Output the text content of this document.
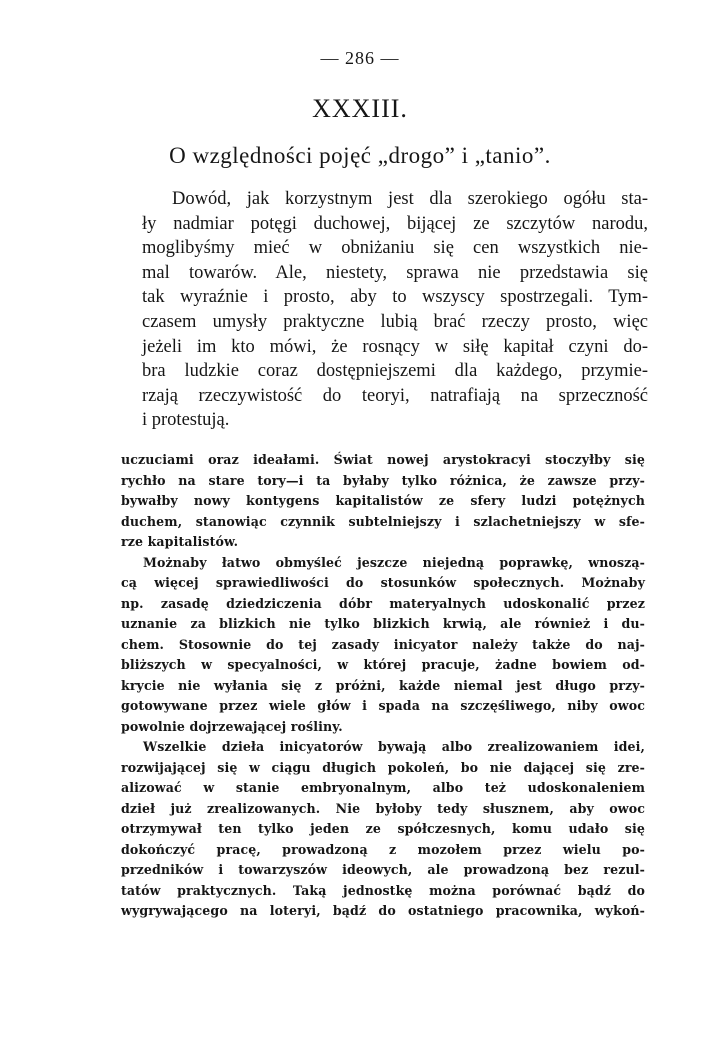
— 286 —
XXXIII.
O względności pojęć „drogo” i „tanio”.
Dowód, jak korzystnym jest dla szerokiego ogółu sta-
ły nadmiar potęgi duchowej, bijącej ze szczytów narodu,
moglibyśmy mieć w obniżaniu się cen wszystkich nie-
mal towarów. Ale, niestety, sprawa nie przedstawia się
tak wyraźnie i prosto, aby to wszyscy spostrzegali. Tym-
czasem umysły praktyczne lubią brać rzeczy prosto, więc
jeżeli im kto mówi, że rosnący w siłę kapitał czyni do-
bra ludzkie coraz dostępniejszemi dla każdego, przymie-
rzają rzeczywistość do teoryi, natrafiają na sprzeczność
i protestują.
uczuciami oraz ideałami. Świat nowej arystokracyi stoczyłby się
rychło na stare tory—i ta byłaby tylko różnica, że zawsze przy-
bywałby nowy kontygens kapitalistów ze sfery ludzi potężnych
duchem, stanowiąc czynnik subtelniejszy i szlachetniejszy w sfe-
rze kapitalistów.
Możnaby łatwo obmyśleć jeszcze niejedną poprawkę, wnoszą-
cą więcej sprawiedliwości do stosunków społecznych. Możnaby
np. zasadę dziedziczenia dóbr materyalnych udoskonalić przez
uznanie za blizkich nie tylko blizkich krwią, ale również i du-
chem. Stosownie do tej zasady inicyator należy także do naj-
bliższych w specyalności, w której pracuje, żadne bowiem od-
krycie nie wyłania się z próżni, każde niemal jest długo przy-
gotowywane przez wiele głów i spada na szczęśliwego, niby owoc
powolnie dojrzewającej rośliny.
Wszelkie dzieła inicyatorów bywają albo zrealizowaniem idei,
rozwijającej się w ciągu długich pokoleń, bo nie dającej się zre-
alizować w stanie embryonalnym, albo też udoskonaleniem
dzieł już zrealizowanych. Nie byłoby tedy słusznem, aby owoc
otrzymywał ten tylko jeden ze spółczesnych, komu udało się
dokończyć pracę, prowadzoną z mozołem przez wielu po-
przedników i towarzyszów ideowych, ale prowadzoną bez rezul-
tatów praktycznych. Taką jednostkę można porównać bądź do
wygrywającego na loteryi, bądź do ostatniego pracownika, wykoń-
